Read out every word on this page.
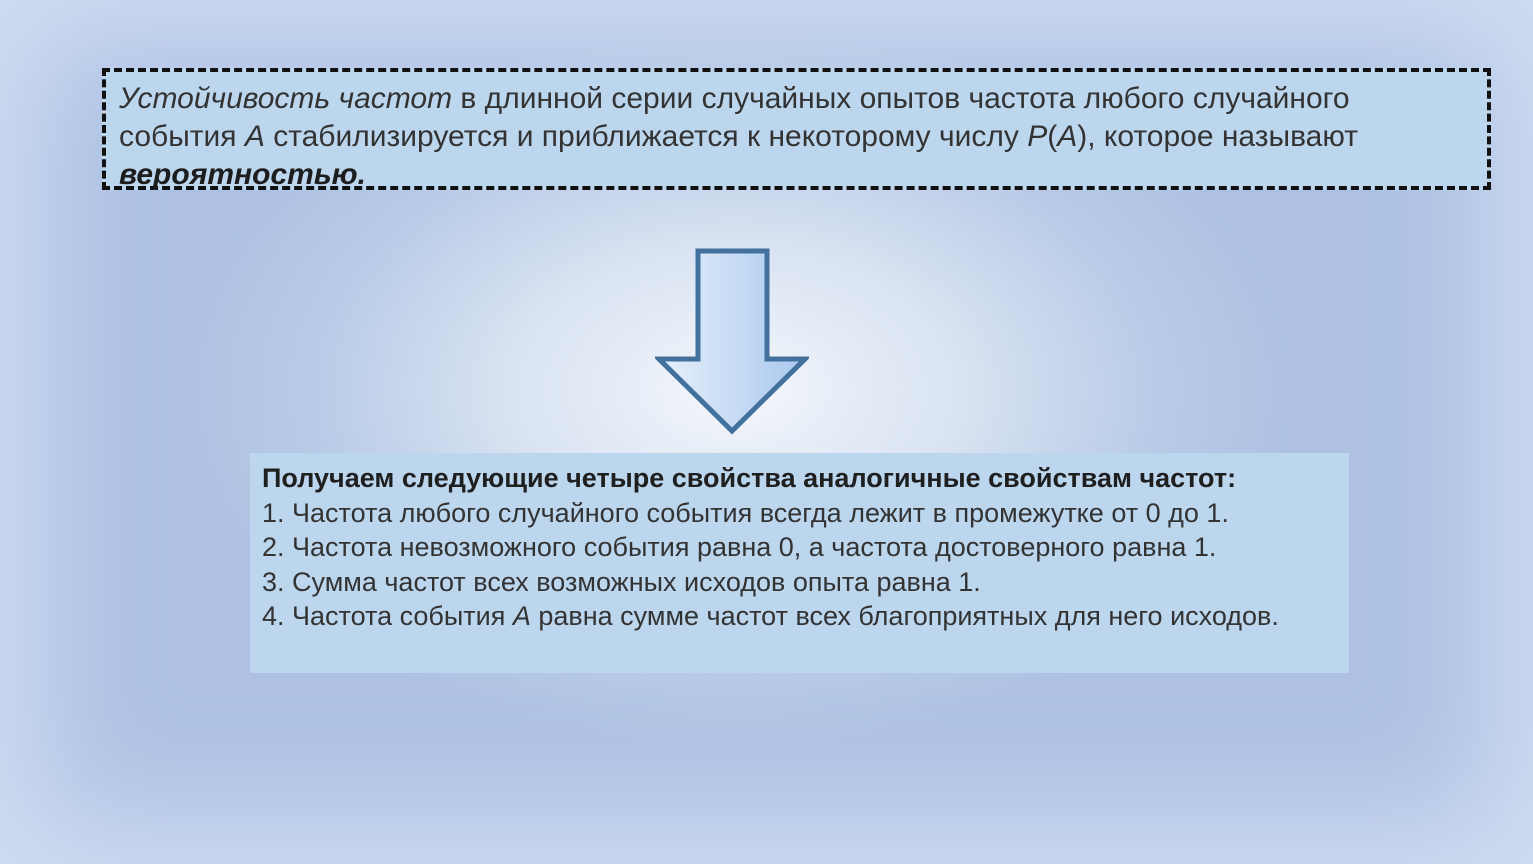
Устойчивость частот в длинной серии случайных опытов частота любого случайного события А стабилизируется и приближается к некоторому числу Р(А), которое называют вероятностью.

Получаем следующие четыре свойства аналогичные свойствам частот:

1. Частота любого случайного события всегда лежит в промежутке от 0 до 1.

2. Частота невозможного события равна 0, а частота достоверного равна 1.

3. Сумма частот всех возможных исходов опыта равна 1.

4. Частота события А равна сумме частот всех благоприятных для него исходов.
